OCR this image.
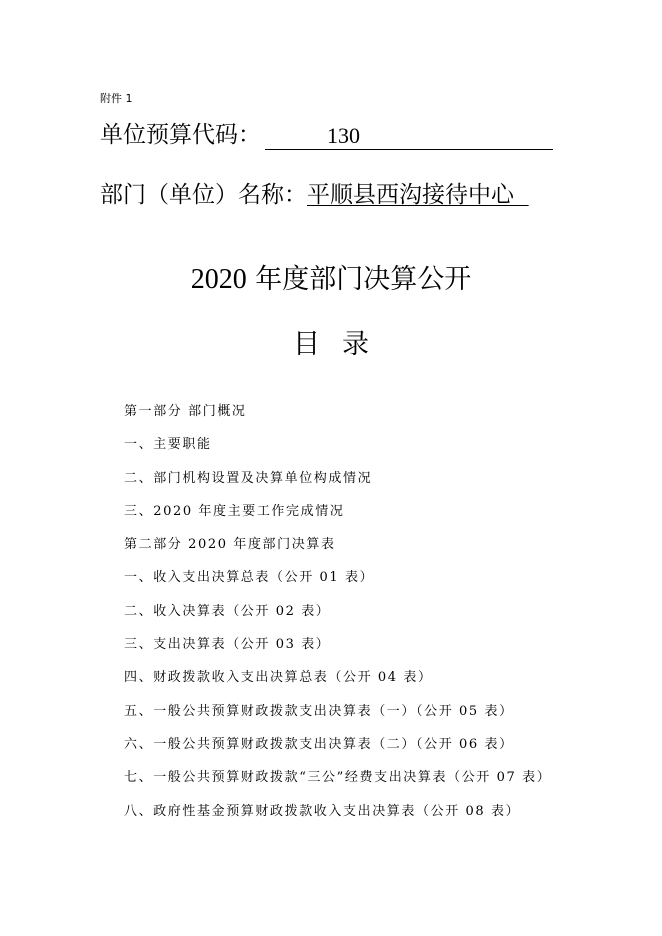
附件 1
单位预算代码：	130
部门（单位）名称：平顺县西沟接待中心
2020 年度部门决算公开
目录
第一部分 部门概况
一、主要职能
二、部门机构设置及决算单位构成情况
三、2020 年度主要工作完成情况
第二部分 2020 年度部门决算表
一、收入支出决算总表（公开 01 表）
二、收入决算表（公开 02 表）
三、支出决算表（公开 03 表）
四、财政拨款收入支出决算总表（公开 04 表）
五、一般公共预算财政拨款支出决算表（一）（公开 05 表）
六、一般公共预算财政拨款支出决算表（二）（公开 06 表）
七、一般公共预算财政拨款“三公”经费支出决算表（公开 07 表）
八、政府性基金预算财政拨款收入支出决算表（公开 08 表）
